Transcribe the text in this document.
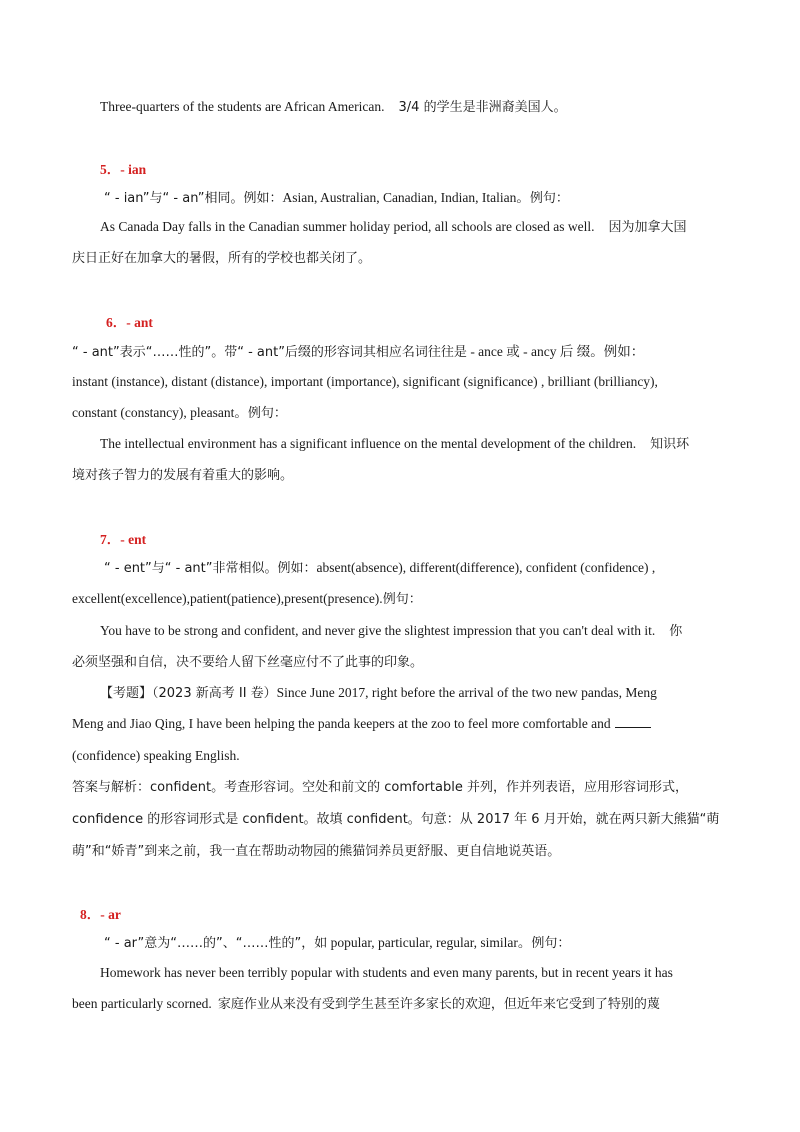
Three-quarters of the students are African American. 3/4 的学生是非洲裔美国人。
5．- ian
“ - ian”与“ - an”相同。例如：Asian, Australian, Canadian, Indian, Italian。例句：
As Canada Day falls in the Canadian summer holiday period, all schools are closed as well. 因为加拿大国
庆日正好在加拿大的暑假，所有的学校也都关闭了。
6．- ant
“ - ant”表示“……性的”。带“ - ant”后缀的形容词其相应名词往往是 - ance 或 - ancy 后 缀。例如：
instant (instance), distant (distance), important (importance), significant (significance) , brilliant (brilliancy),
constant (constancy), pleasant。例句：
The intellectual environment has a significant influence on the mental development of the children. 知识环
境对孩子智力的发展有着重大的影响。
7．- ent
“ - ent”与“ - ant”非常相似。例如：absent(absence), different(difference), confident (confidence) ,
excellent(excellence),patient(patience),present(presence).例句：
You have to be strong and confident, and never give the slightest impression that you can't deal with it. 你
必须坚强和自信，决不要给人留下丝毫应付不了此事的印象。
【考题】（2023 新高考 II 卷）Since June 2017, right before the arrival of the two new pandas, Meng
Meng and Jiao Qing, I have been helping the panda keepers at the zoo to feel more comfortable and
(confidence) speaking English.
答案与解析：confident。考查形容词。空处和前文的 comfortable 并列，作并列表语，应用形容词形式，
confidence 的形容词形式是 confident。故填 confident。句意：从 2017 年 6 月开始，就在两只新大熊猫“萌
萌”和“娇青”到来之前，我一直在帮助动物园的熊猫饲养员更舒服、更自信地说英语。
8．- ar
“ - ar”意为“……的”、“……性的”，如 popular, particular, regular, similar。例句：
Homework has never been terribly popular with students and even many parents, but in recent years it has
been particularly scorned. 家庭作业从来没有受到学生甚至许多家长的欢迎，但近年来它受到了特别的蔑
